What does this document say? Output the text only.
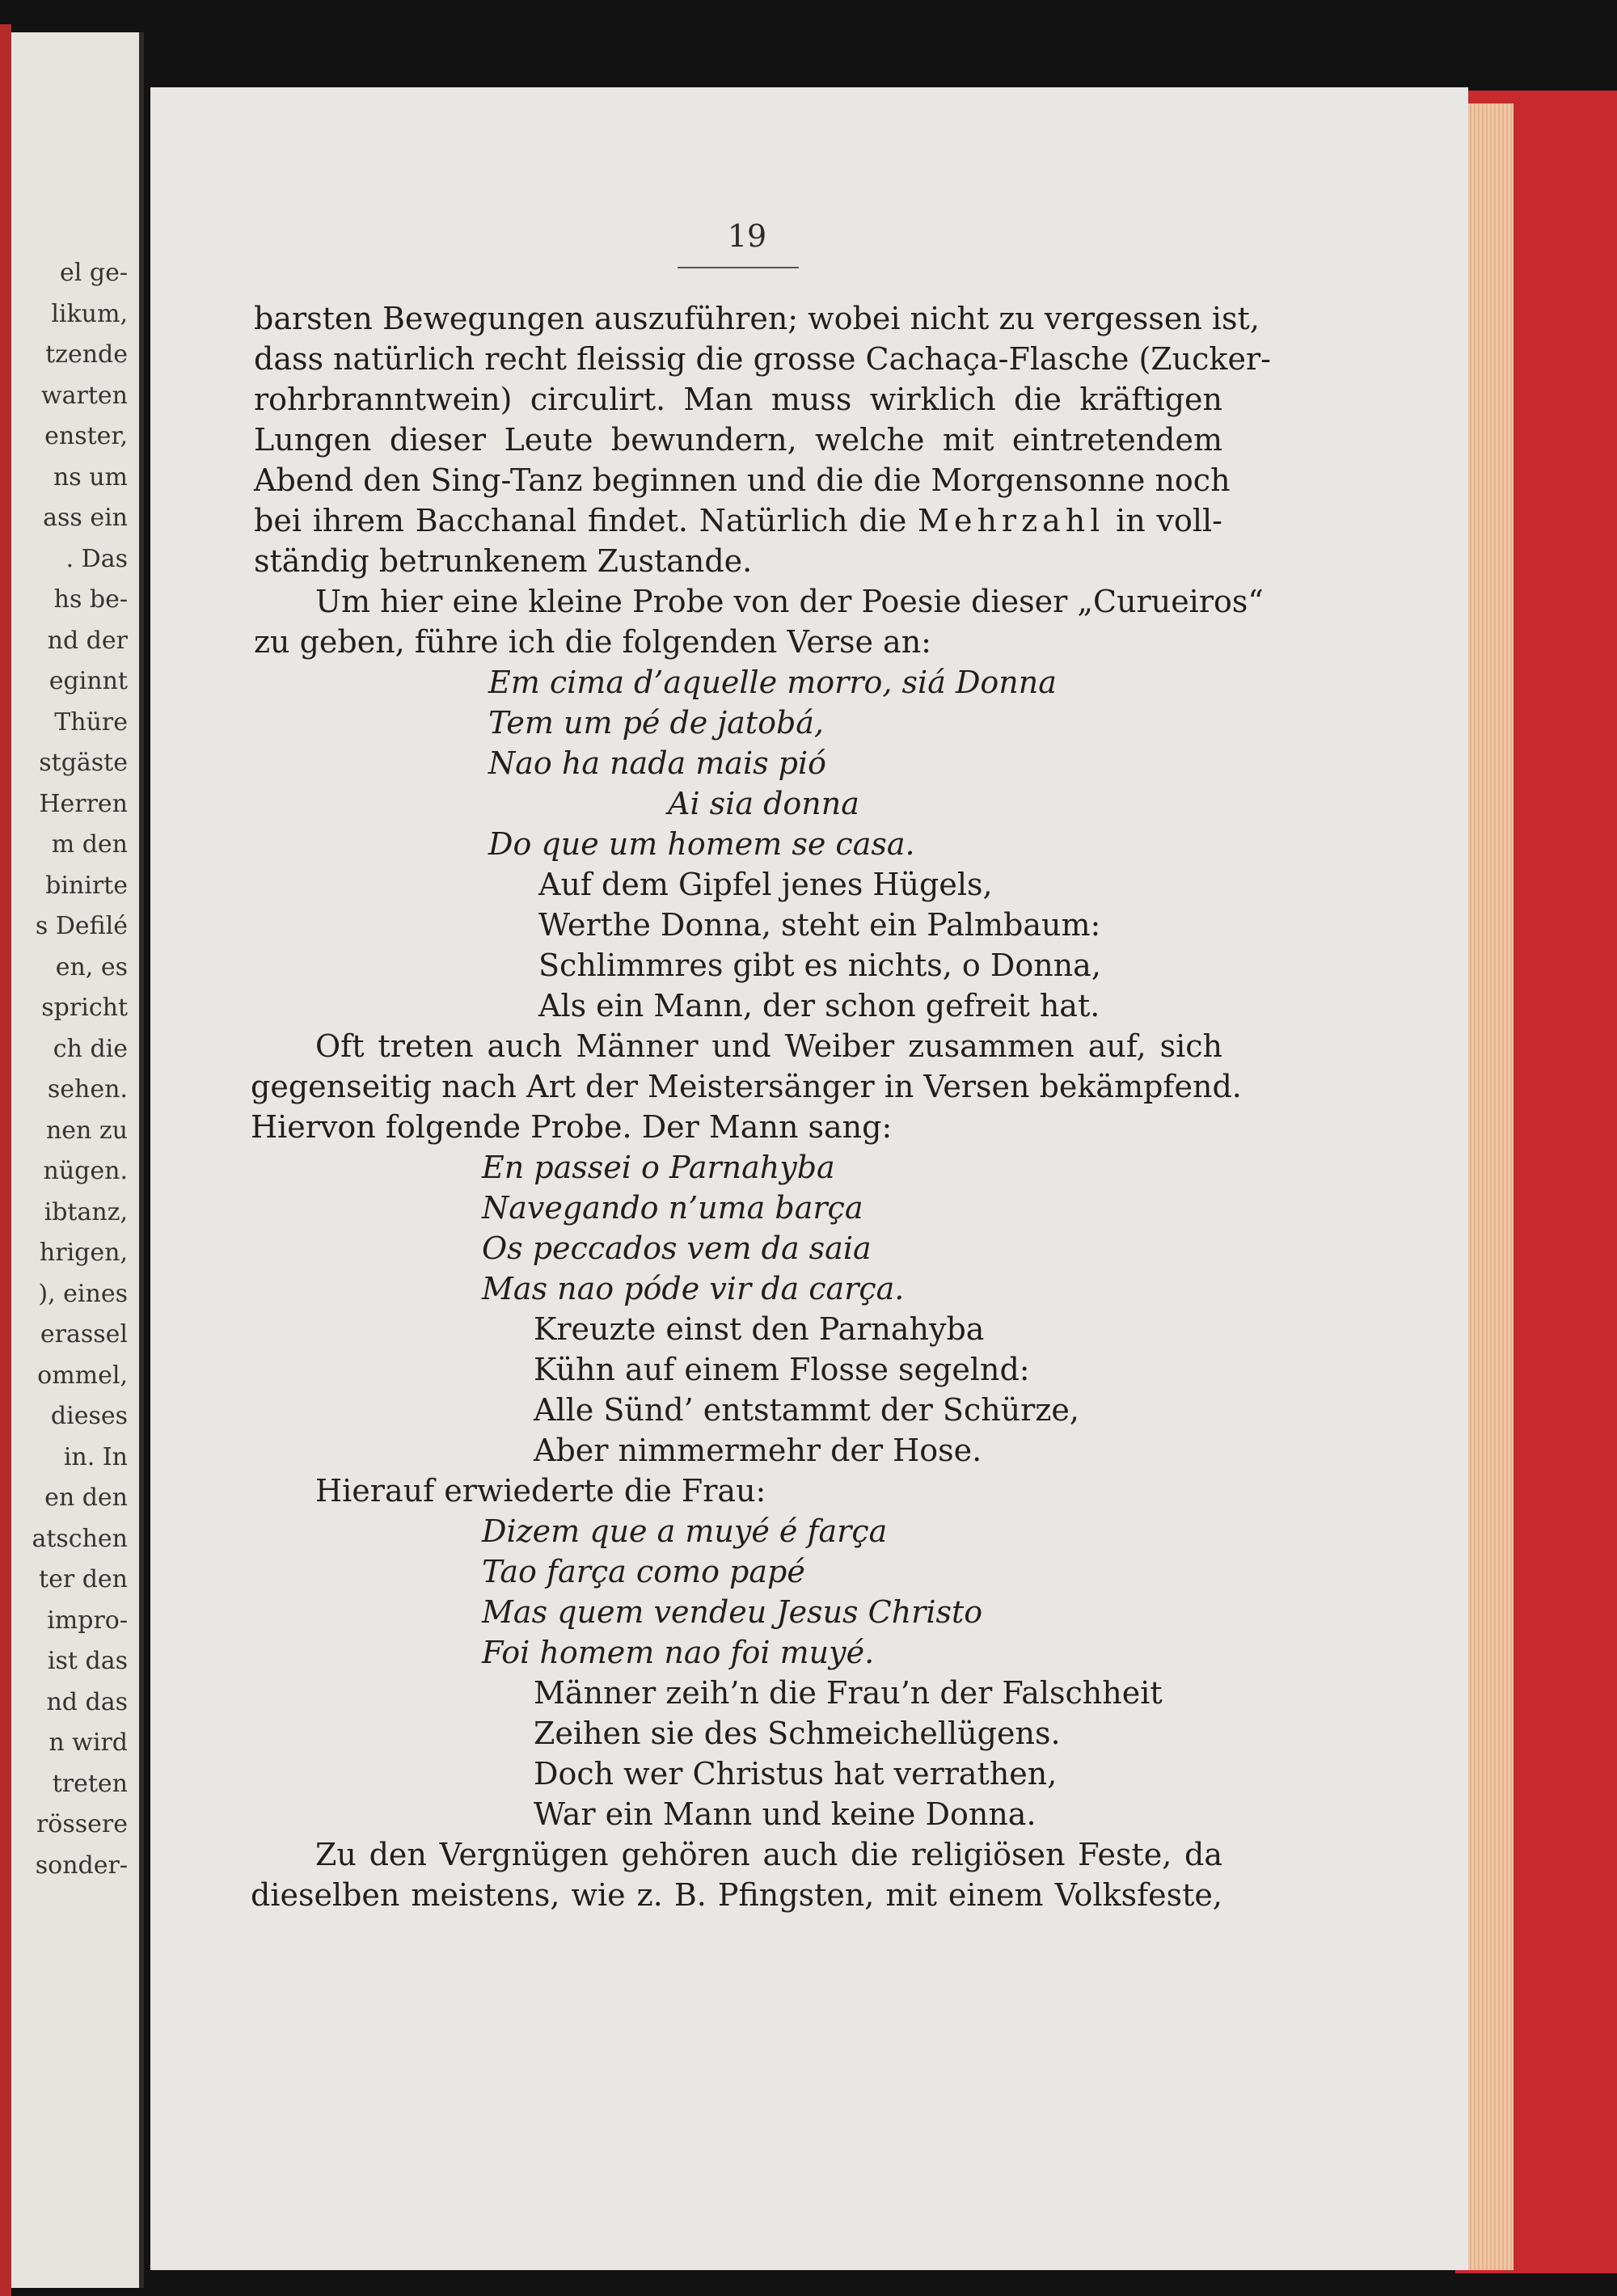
el ge-
likum,
tzende
warten
enster,
ns um
ass ein
. Das
hs be-
nd der
eginnt
Thüre
stgäste
Herren
m den
binirte
s Defilé
en, es
spricht
ch die
sehen.
nen zu
nügen.
ibtanz,
hrigen,
), eines
erassel
ommel,
dieses
in. In
en den
atschen
ter den
impro-
ist das
nd das
n wird
treten
rössere
sonder-
19
barsten Bewegungen auszuführen; wobei nicht zu vergessen ist,
dass natürlich recht fleissig die grosse Cachaça-Flasche (Zucker-
rohrbranntwein) circulirt. Man muss wirklich die kräftigen
Lungen dieser Leute bewundern, welche mit eintretendem
Abend den Sing-Tanz beginnen und die die Morgensonne noch
bei ihrem Bacchanal findet. Natürlich die Mehrzahl in voll-
ständig betrunkenem Zustande.
Um hier eine kleine Probe von der Poesie dieser „Curueiros“
zu geben, führe ich die folgenden Verse an:
Em cima d’aquelle morro, siá Donna
Tem um pé de jatobá,
Nao ha nada mais pió
Ai sia donna
Do que um homem se casa.
Auf dem Gipfel jenes Hügels,
Werthe Donna, steht ein Palmbaum:
Schlimmres gibt es nichts, o Donna,
Als ein Mann, der schon gefreit hat.
Oft treten auch Männer und Weiber zusammen auf, sich
gegenseitig nach Art der Meistersänger in Versen bekämpfend.
Hiervon folgende Probe. Der Mann sang:
En passei o Parnahyba
Navegando n’uma barça
Os peccados vem da saia
Mas nao póde vir da carça.
Kreuzte einst den Parnahyba
Kühn auf einem Flosse segelnd:
Alle Sünd’ entstammt der Schürze,
Aber nimmermehr der Hose.
Hierauf erwiederte die Frau:
Dizem que a muyé é farça
Tao farça como papé
Mas quem vendeu Jesus Christo
Foi homem nao foi muyé.
Männer zeih’n die Frau’n der Falschheit
Zeihen sie des Schmeichellügens.
Doch wer Christus hat verrathen,
War ein Mann und keine Donna.
Zu den Vergnügen gehören auch die religiösen Feste, da
dieselben meistens, wie z. B. Pfingsten, mit einem Volksfeste,
